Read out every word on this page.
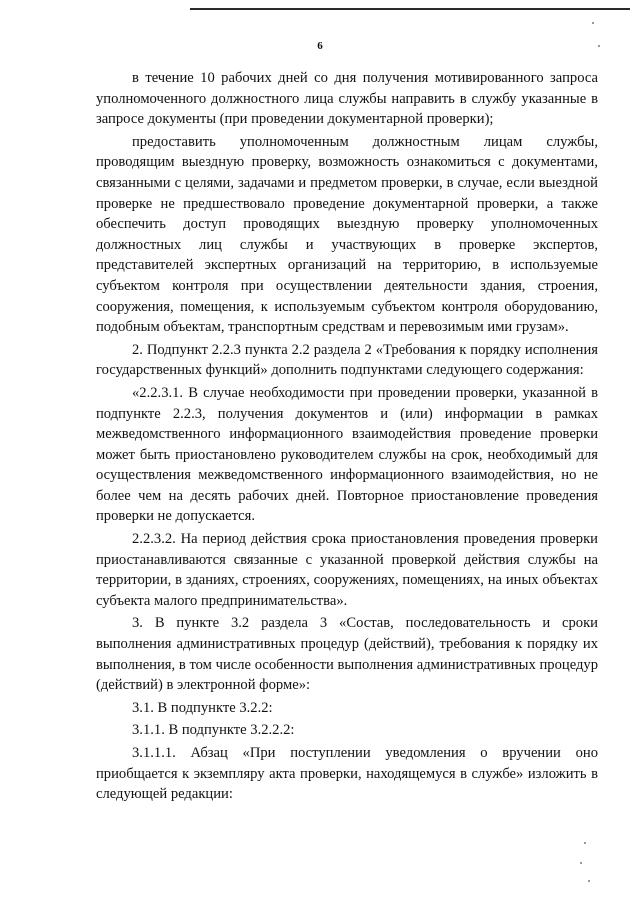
6

в течение 10 рабочих дней со дня получения мотивированного запроса уполномоченного должностного лица службы направить в службу указанные в запросе документы (при проведении документарной проверки);

предоставить уполномоченным должностным лицам службы, проводящим выездную проверку, возможность ознакомиться с документами, связанными с целями, задачами и предметом проверки, в случае, если выездной проверке не предшествовало проведение документарной проверки, а также обеспечить доступ проводящих выездную проверку уполномоченных должностных лиц службы и участвующих в проверке экспертов, представителей экспертных организаций на территорию, в используемые субъектом контроля при осуществлении деятельности здания, строения, сооружения, помещения, к используемым субъектом контроля оборудованию, подобным объектам, транспортным средствам и перевозимым ими грузам».

2. Подпункт 2.2.3 пункта 2.2 раздела 2 «Требования к порядку исполнения государственных функций» дополнить подпунктами следующего содержания:

«2.2.3.1. В случае необходимости при проведении проверки, указанной в подпункте 2.2.3, получения документов и (или) информации в рамках межведомственного информационного взаимодействия проведение проверки может быть приостановлено руководителем службы на срок, необходимый для осуществления межведомственного информационного взаимодействия, но не более чем на десять рабочих дней. Повторное приостановление проведения проверки не допускается.

2.2.3.2. На период действия срока приостановления проведения проверки приостанавливаются связанные с указанной проверкой действия службы на территории, в зданиях, строениях, сооружениях, помещениях, на иных объектах субъекта малого предпринимательства».

3. В пункте 3.2 раздела 3 «Состав, последовательность и сроки выполнения административных процедур (действий), требования к порядку их выполнения, в том числе особенности выполнения административных процедур (действий) в электронной форме»:

3.1. В подпункте 3.2.2:

3.1.1. В подпункте 3.2.2.2:

3.1.1.1. Абзац «При поступлении уведомления о вручении оно приобщается к экземпляру акта проверки, находящемуся в службе» изложить в следующей редакции:
